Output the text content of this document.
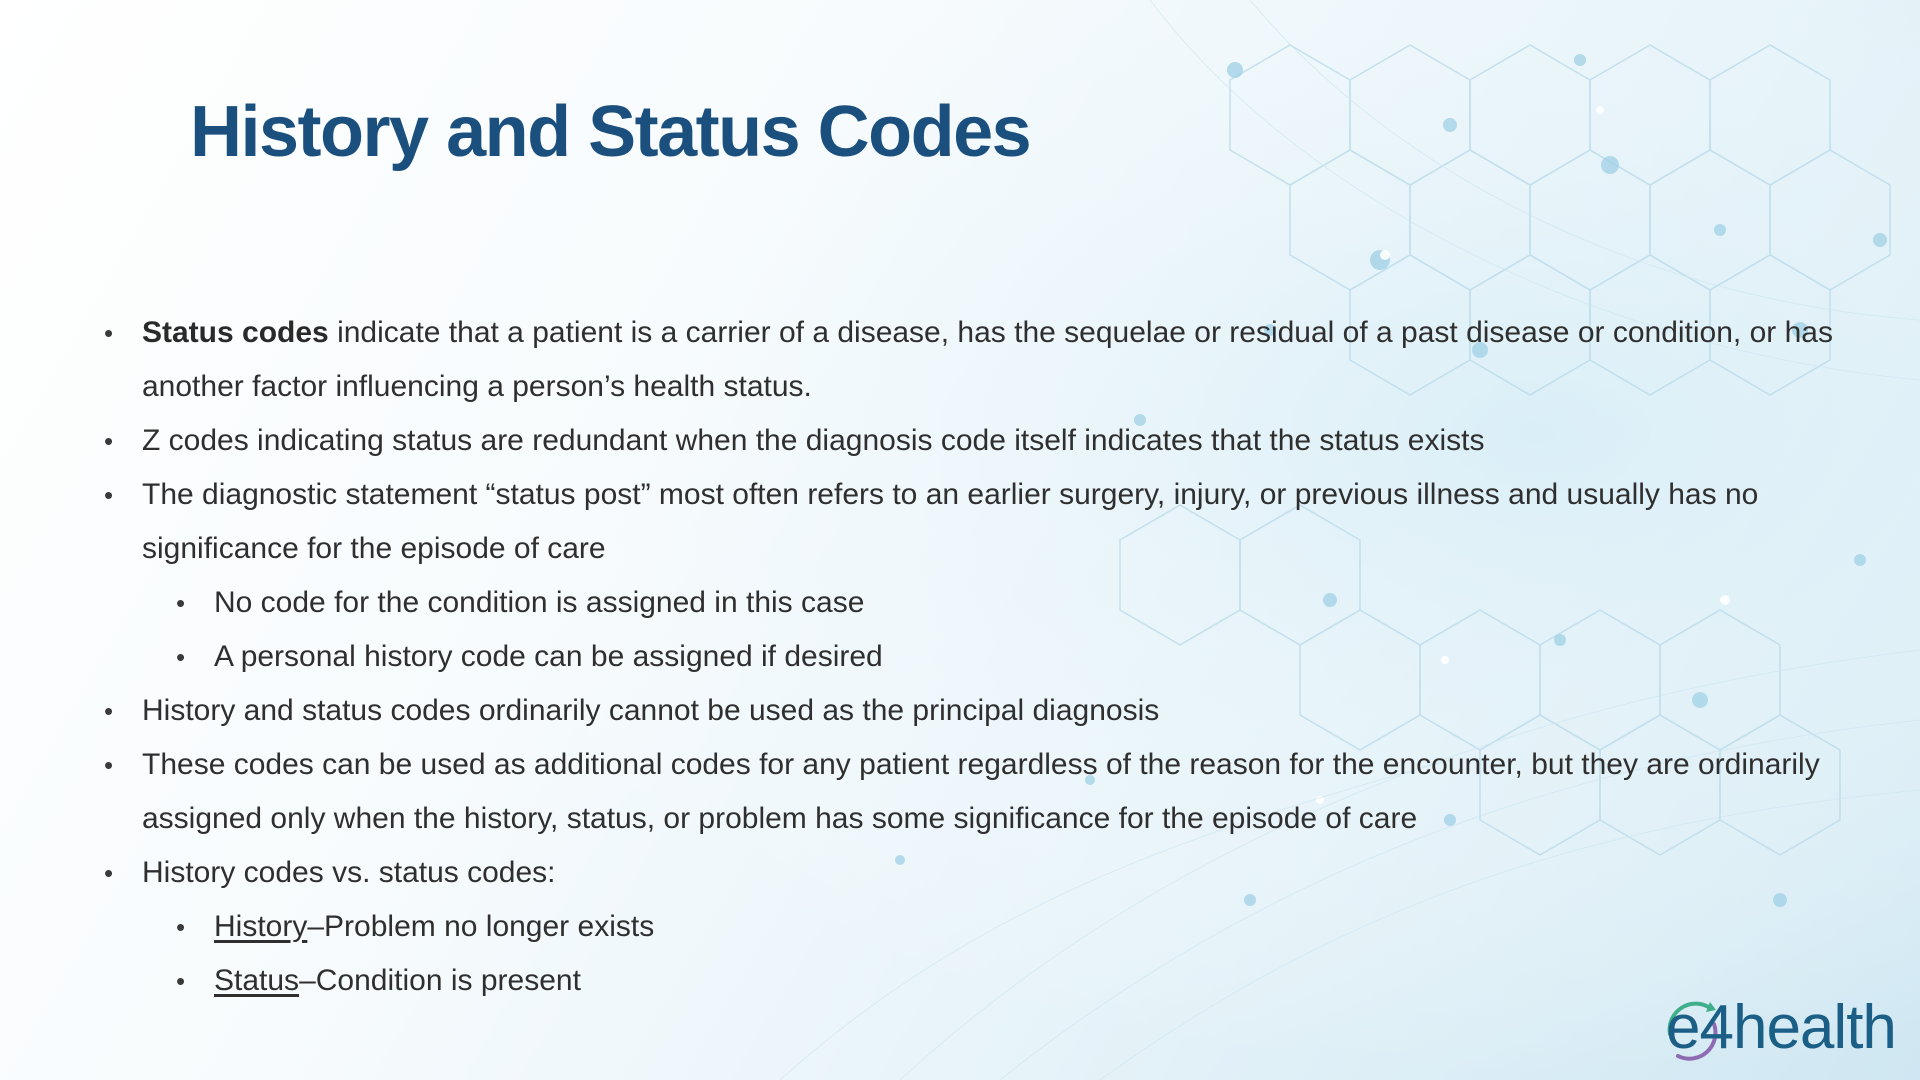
History and Status Codes
• Status codes indicate that a patient is a carrier of a disease, has the sequelae or residual of a past disease or condition, or has another factor influencing a person’s health status.
• Z codes indicating status are redundant when the diagnosis code itself indicates that the status exists
• The diagnostic statement “status post” most often refers to an earlier surgery, injury, or previous illness and usually has no significance for the episode of care
• No code for the condition is assigned in this case
• A personal history code can be assigned if desired
• History and status codes ordinarily cannot be used as the principal diagnosis
• These codes can be used as additional codes for any patient regardless of the reason for the encounter, but they are ordinarily assigned only when the history, status, or problem has some significance for the episode of care
• History codes vs. status codes:
• History–Problem no longer exists
• Status–Condition is present
e4health
